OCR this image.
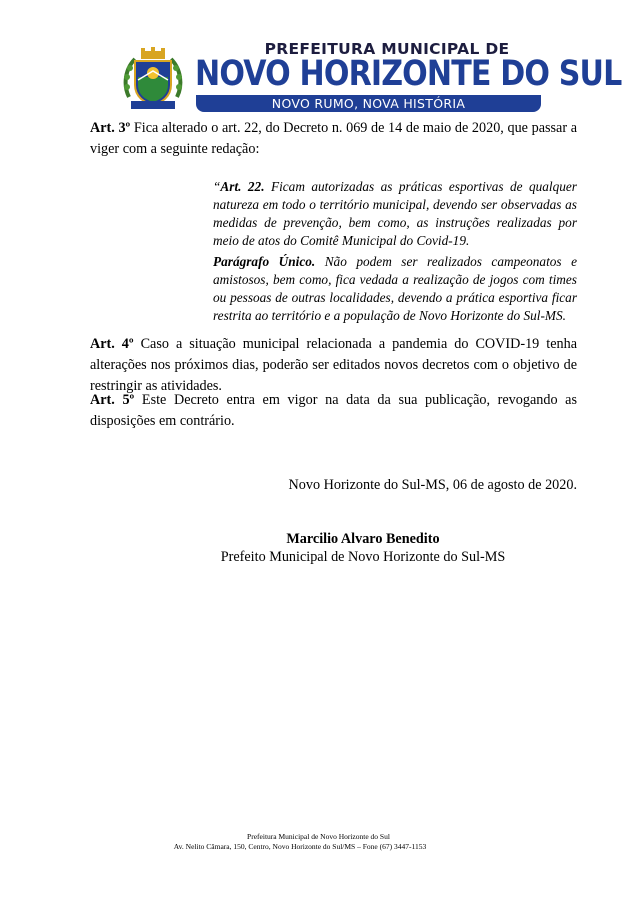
PREFEITURA MUNICIPAL DE
NOVO HORIZONTE DO SUL
NOVO RUMO, NOVA HISTÓRIA
Art. 3º Fica alterado o art. 22, do Decreto n. 069 de 14 de maio de 2020, que passar a viger com a seguinte redação:
“Art. 22. Ficam autorizadas as práticas esportivas de qualquer natureza em todo o território municipal, devendo ser observadas as medidas de prevenção, bem como, as instruções realizadas por meio de atos do Comitê Municipal do Covid-19.
Parágrafo Único. Não podem ser realizados campeonatos e amistosos, bem como, fica vedada a realização de jogos com times ou pessoas de outras localidades, devendo a prática esportiva ficar restrita ao território e a população de Novo Horizonte do Sul-MS.
Art. 4º Caso a situação municipal relacionada a pandemia do COVID-19 tenha alterações nos próximos dias, poderão ser editados novos decretos com o objetivo de restringir as atividades.
Art. 5º Este Decreto entra em vigor na data da sua publicação, revogando as disposições em contrário.
Novo Horizonte do Sul-MS, 06 de agosto de 2020.
Marcilio Alvaro Benedito
Prefeito Municipal de Novo Horizonte do Sul-MS
Prefeitura Municipal de Novo Horizonte do Sul
Av. Nelito Câmara, 150, Centro, Novo Horizonte do Sul/MS – Fone (67) 3447-1153
